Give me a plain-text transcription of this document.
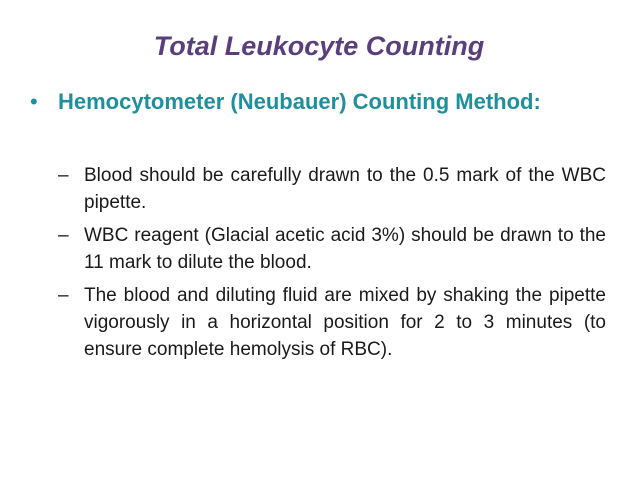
Total Leukocyte Counting
• Hemocytometer (Neubauer) Counting Method:
– Blood should be carefully drawn to the 0.5 mark of the WBC pipette.
– WBC reagent (Glacial acetic acid 3%) should be drawn to the 11 mark to dilute the blood.
– The blood and diluting fluid are mixed by shaking the pipette vigorously in a horizontal position for 2 to 3 minutes (to ensure complete hemolysis of RBC).
